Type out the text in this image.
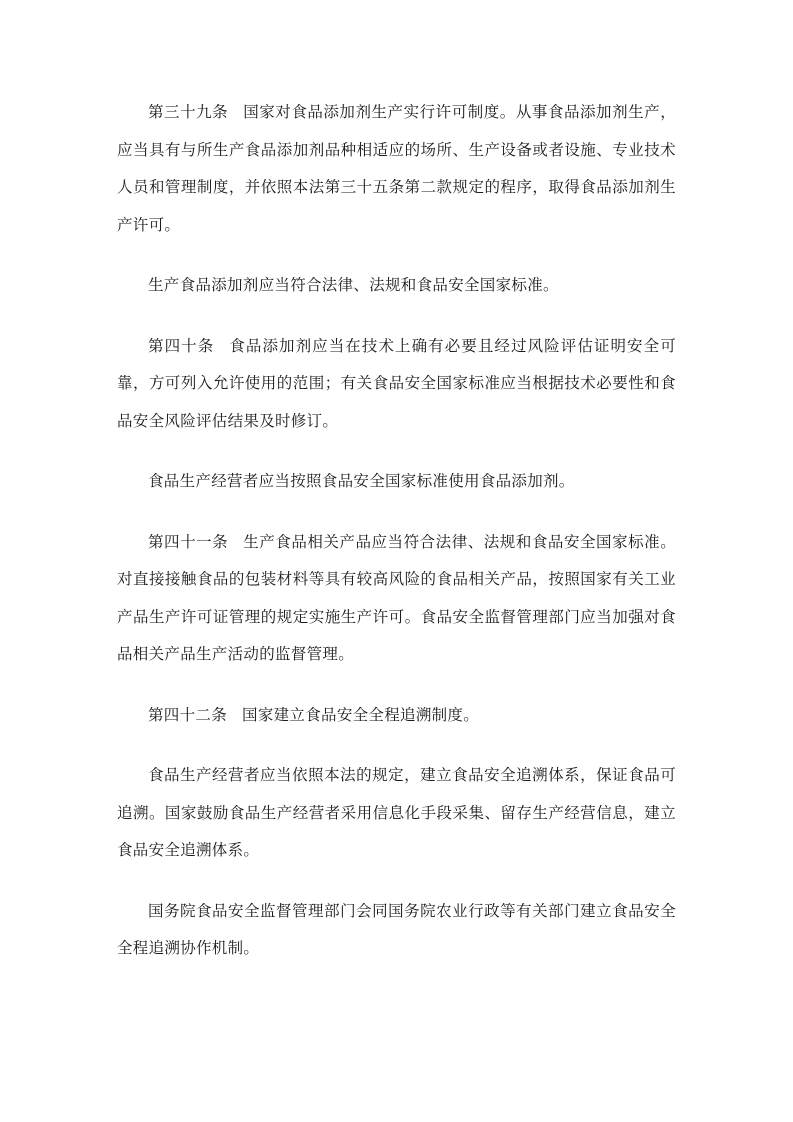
第三十九条 国家对食品添加剂生产实行许可制度。从事食品添加剂生产，应当具有与所生产食品添加剂品种相适应的场所、生产设备或者设施、专业技术人员和管理制度，并依照本法第三十五条第二款规定的程序，取得食品添加剂生产许可。

生产食品添加剂应当符合法律、法规和食品安全国家标准。

第四十条 食品添加剂应当在技术上确有必要且经过风险评估证明安全可靠，方可列入允许使用的范围；有关食品安全国家标准应当根据技术必要性和食品安全风险评估结果及时修订。

食品生产经营者应当按照食品安全国家标准使用食品添加剂。

第四十一条 生产食品相关产品应当符合法律、法规和食品安全国家标准。对直接接触食品的包装材料等具有较高风险的食品相关产品，按照国家有关工业产品生产许可证管理的规定实施生产许可。食品安全监督管理部门应当加强对食品相关产品生产活动的监督管理。

第四十二条 国家建立食品安全全程追溯制度。

食品生产经营者应当依照本法的规定，建立食品安全追溯体系，保证食品可追溯。国家鼓励食品生产经营者采用信息化手段采集、留存生产经营信息，建立食品安全追溯体系。

国务院食品安全监督管理部门会同国务院农业行政等有关部门建立食品安全全程追溯协作机制。
